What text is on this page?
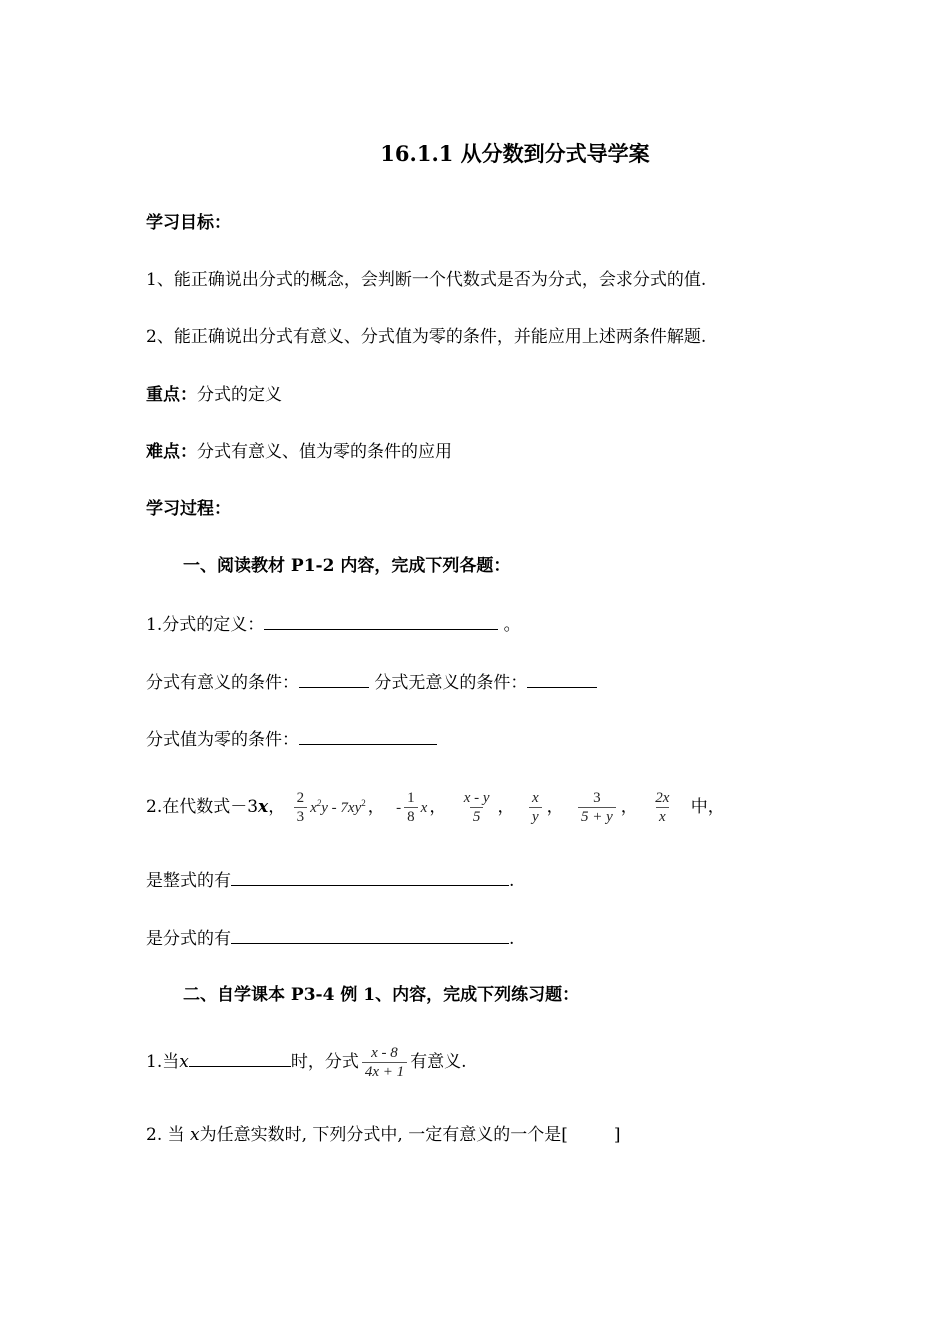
16.1.1 从分数到分式导学案
学习目标：
1、能正确说出分式的概念，会判断一个代数式是否为分式，会求分式的值.
2、能正确说出分式有意义、分式值为零的条件，并能应用上述两条件解题.
重点：分式的定义
难点：分式有意义、值为零的条件的应用
学习过程：
一、阅读教材 P1-2 内容，完成下列各题：
1.分式的定义：	。
分式有意义的条件：	分式无意义的条件：
分式值为零的条件：
2.在代数式－3x， $\frac{2}{3} x^2y - 7xy^2$ ， - $\frac{1}{8}$ x ， $\frac{x - y}{5}$ ， $\frac{x}{y}$ ， $\frac{3}{5 + y}$ ， $\frac{2x}{x}$ 中，
是整式的有	.
是分式的有	.
二、自学课本 P3-4 例 1、内容，完成下列练习题：
1.当x	时，分式 $\frac{x - 8}{4x + 1}$ 有意义.
2. 当 x为任意实数时, 下列分式中, 一定有意义的一个是[	]
